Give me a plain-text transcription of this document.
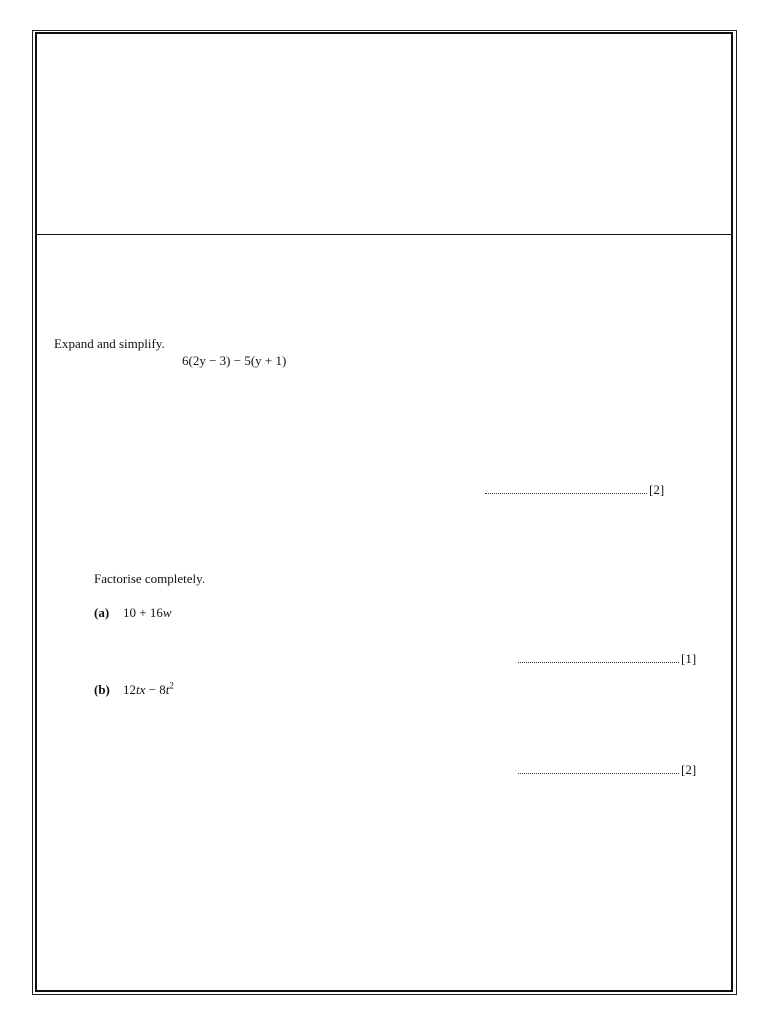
Expand and simplify.
6(2y − 3) − 5(y + 1)
[2]
Factorise completely.
(a) 10 + 16w
[1]
(b) $12tx - 8t^2$
[2]
